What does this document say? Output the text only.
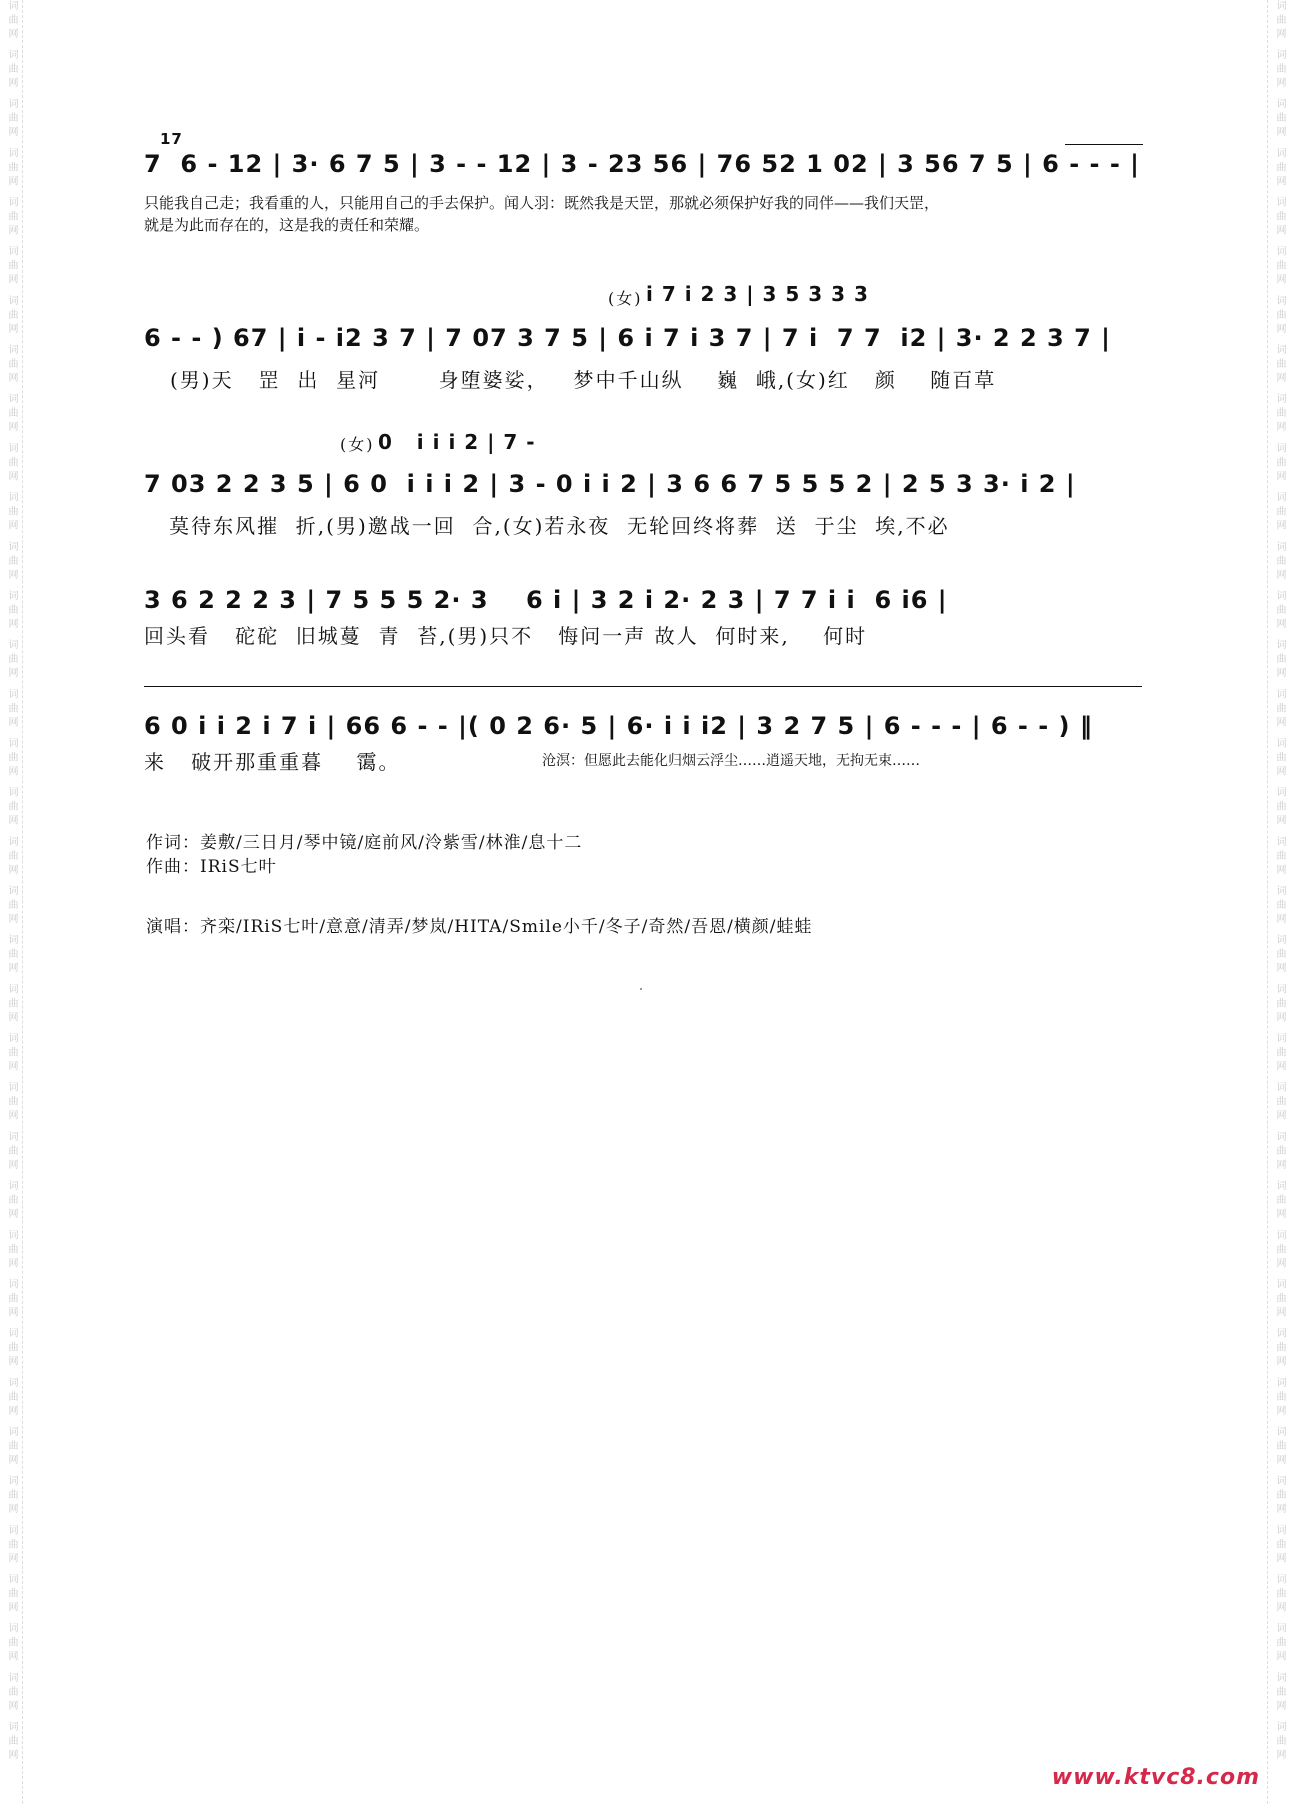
词曲网 词曲网 词曲网 词曲网 词曲网 词曲网 词曲网 词曲网 词曲网 词曲网 词曲网 词曲网 词曲网 词曲网 词曲网 词曲网 词曲网 词曲网 词曲网 词曲网 词曲网 词曲网 词曲网 词曲网 词曲网 词曲网 词曲网 词曲网 词曲网 词曲网 词曲网 词曲网 词曲网 词曲网 词曲网 词曲网	词曲网 词曲网 词曲网 词曲网 词曲网 词曲网 词曲网 词曲网 词曲网 词曲网 词曲网 词曲网 词曲网 词曲网 词曲网 词曲网 词曲网 词曲网 词曲网 词曲网 词曲网 词曲网 词曲网 词曲网 词曲网 词曲网 词曲网 词曲网 词曲网 词曲网 词曲网 词曲网 词曲网 词曲网 词曲网 词曲网
17
7  6 - 12 | 3· 6 7 5 | 3 - - 12 | 3 - 23 56 | 76 52 1 02 | 3 56 7 5 | 6 - - - |
只能我自己走；我看重的人，只能用自己的手去保护。闻人羽：既然我是天罡，那就必须保护好我的同伴——我们天罡，
就是为此而存在的，这是我的责任和荣耀。
(女) i 7 i 2 3 | 3 5 3 3 3
6 - - ) 67 | i - i2 3 7 | 7 07 3 7 5 | 6 i 7 i 3 7 | 7 i  7 7  i2 | 3· 2 2 3 7 |
(男)天   罡  出  星河       身堕婆娑，   梦中千山纵    巍  峨,(女)红   颜    随百草
(女) 0   i i i 2 | 7 -
7 03 2 2 3 5 | 6 0  i i i 2 | 3 - 0 i i 2 | 3 6 6 7 5 5 5 2 | 2 5 3 3· i 2 |
莫待东风摧  折,(男)邀战一回  合,(女)若永夜  无轮回终将葬  送  于尘  埃,不必
3 6 2 2 2 3 | 7 5 5 5 2· 3    6 i | 3 2 i 2· 2 3 | 7 7 i i  6 i6 |
回头看   砣砣  旧城蔓  青  苔,(男)只不   悔问一声 故人  何时来,    何时
6 0 i i 2 i 7 i | 66 6 - - |( 0 2 6· 5 | 6· i i i2 | 3 2 7 5 | 6 - - - | 6 - - ) ‖
来   破开那重重暮    霭。	沧溟：但愿此去能化归烟云浮尘……逍遥天地，无拘无束……
作词：姜敷/三日月/琴中镜/庭前风/泠紫雪/林淮/息十二
作曲：IRiS七叶
演唱：齐栾/IRiS七叶/意意/清弄/梦岚/HITA/Smile小千/冬子/奇然/吾恩/横颜/蛙蛙
www.ktvc8.com
